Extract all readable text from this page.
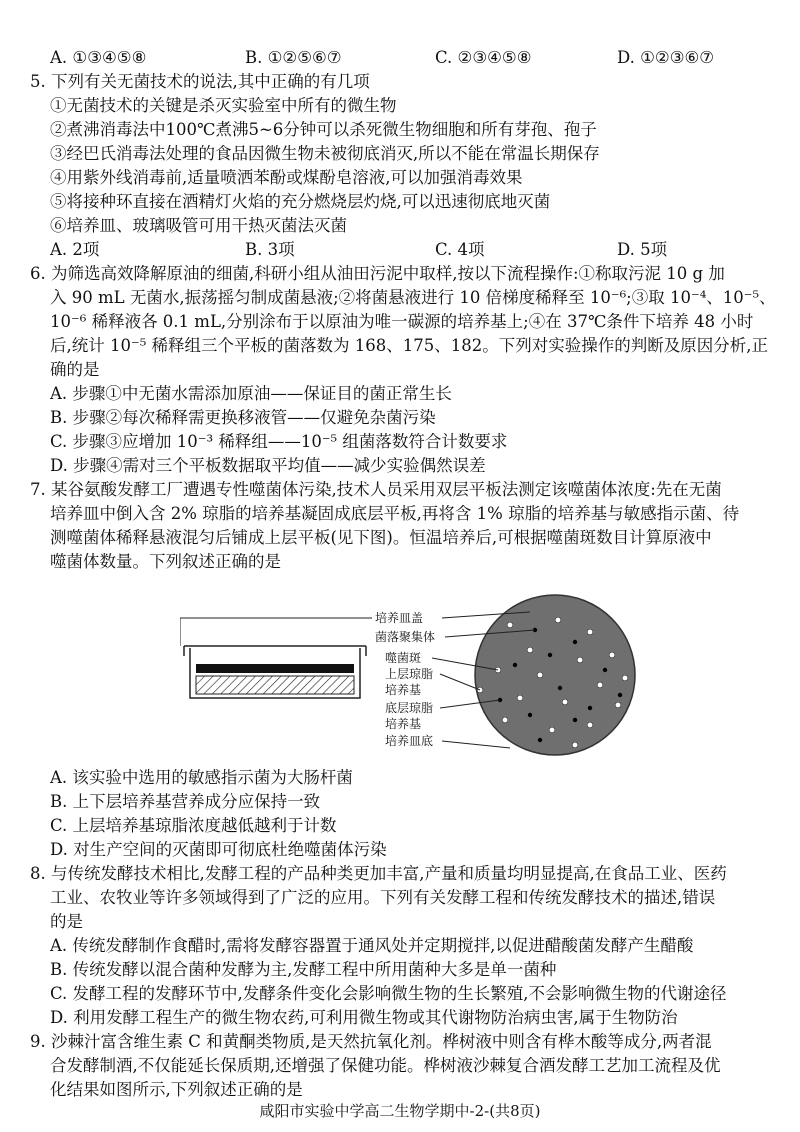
A. ①③④⑤⑧	B. ①②⑤⑥⑦	C. ②③④⑤⑧	D. ①②③⑥⑦
5. 下列有关无菌技术的说法,其中正确的有几项
①无菌技术的关键是杀灭实验室中所有的微生物
②煮沸消毒法中100℃煮沸5~6分钟可以杀死微生物细胞和所有芽孢、孢子
③经巴氏消毒法处理的食品因微生物未被彻底消灭,所以不能在常温长期保存
④用紫外线消毒前,适量喷洒苯酚或煤酚皂溶液,可以加强消毒效果
⑤将接种环直接在酒精灯火焰的充分燃烧层灼烧,可以迅速彻底地灭菌
⑥培养皿、玻璃吸管可用干热灭菌法灭菌
A. 2项	B. 3项	C. 4项	D. 5项
6. 为筛选高效降解原油的细菌,科研小组从油田污泥中取样,按以下流程操作:①称取污泥 10 g 加
入 90 mL 无菌水,振荡摇匀制成菌悬液;②将菌悬液进行 10 倍梯度稀释至 10⁻⁶;③取 10⁻⁴、10⁻⁵、
10⁻⁶ 稀释液各 0.1 mL,分别涂布于以原油为唯一碳源的培养基上;④在 37℃条件下培养 48 小时
后,统计 10⁻⁵ 稀释组三个平板的菌落数为 168、175、182。下列对实验操作的判断及原因分析,正
确的是
A. 步骤①中无菌水需添加原油——保证目的菌正常生长
B. 步骤②每次稀释需更换移液管——仅避免杂菌污染
C. 步骤③应增加 10⁻³ 稀释组——10⁻⁵ 组菌落数符合计数要求
D. 步骤④需对三个平板数据取平均值——减少实验偶然误差
7. 某谷氨酸发酵工厂遭遇专性噬菌体污染,技术人员采用双层平板法测定该噬菌体浓度:先在无菌
培养皿中倒入含 2% 琼脂的培养基凝固成底层平板,再将含 1% 琼脂的培养基与敏感指示菌、待
测噬菌体稀释悬液混匀后铺成上层平板(见下图)。恒温培养后,可根据噬菌斑数目计算原液中
噬菌体数量。下列叙述正确的是
培养皿盖
菌落聚集体
噬菌斑
上层琼脂
培养基
底层琼脂
培养基
培养皿底
A. 该实验中选用的敏感指示菌为大肠杆菌
B. 上下层培养基营养成分应保持一致
C. 上层培养基琼脂浓度越低越利于计数
D. 对生产空间的灭菌即可彻底杜绝噬菌体污染
8. 与传统发酵技术相比,发酵工程的产品种类更加丰富,产量和质量均明显提高,在食品工业、医药
工业、农牧业等许多领域得到了广泛的应用。下列有关发酵工程和传统发酵技术的描述,错误
的是
A. 传统发酵制作食醋时,需将发酵容器置于通风处并定期搅拌,以促进醋酸菌发酵产生醋酸
B. 传统发酵以混合菌种发酵为主,发酵工程中所用菌种大多是单一菌种
C. 发酵工程的发酵环节中,发酵条件变化会影响微生物的生长繁殖,不会影响微生物的代谢途径
D. 利用发酵工程生产的微生物农药,可利用微生物或其代谢物防治病虫害,属于生物防治
9. 沙棘汁富含维生素 C 和黄酮类物质,是天然抗氧化剂。桦树液中则含有桦木酸等成分,两者混
合发酵制酒,不仅能延长保质期,还增强了保健功能。桦树液沙棘复合酒发酵工艺加工流程及优
化结果如图所示,下列叙述正确的是
咸阳市实验中学高二生物学期中-2-(共8页)
